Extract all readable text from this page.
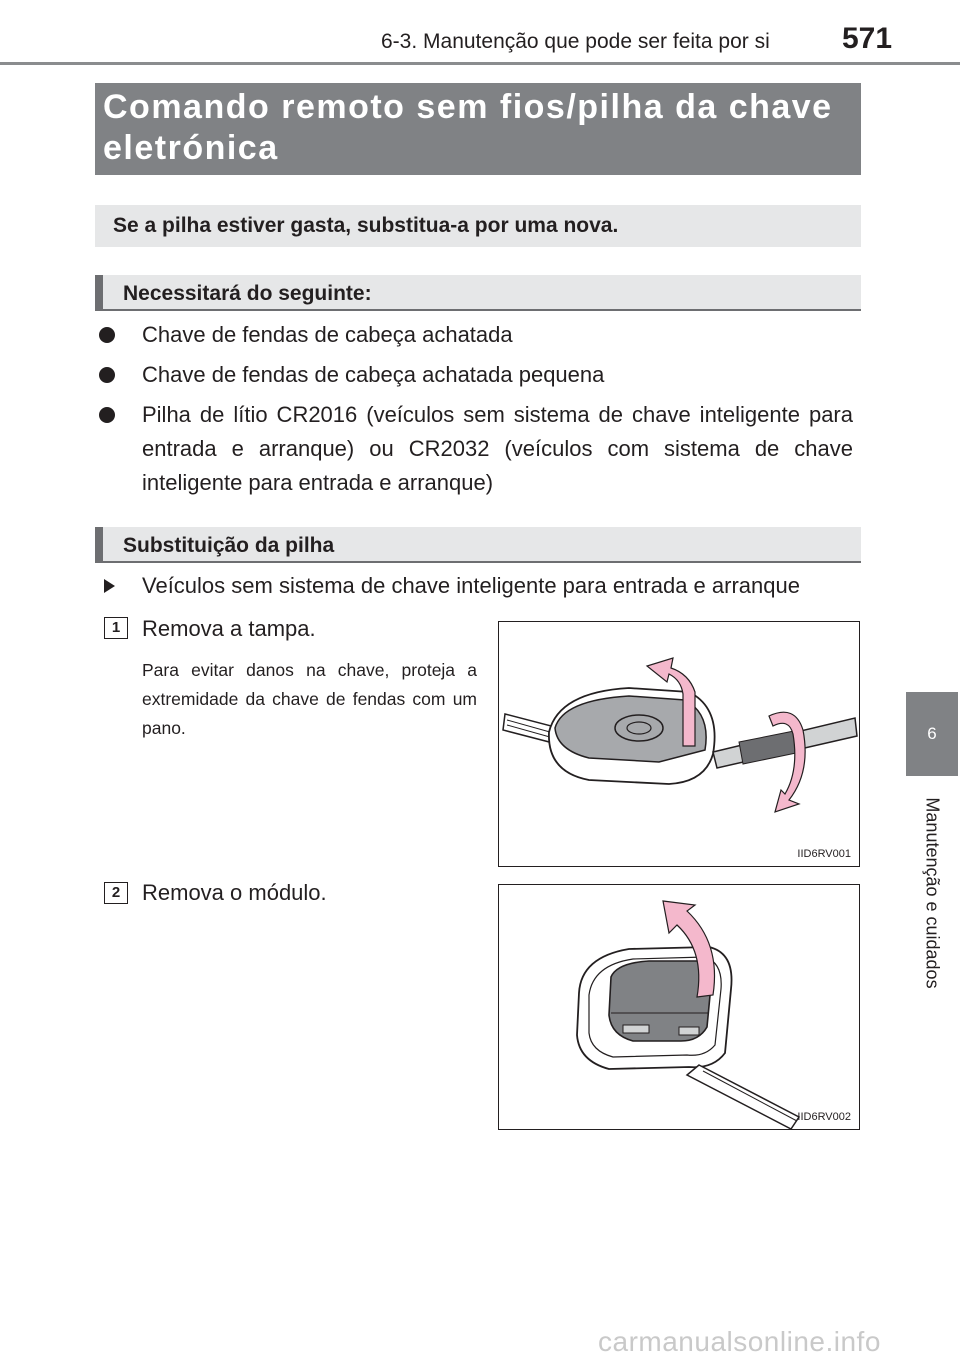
6-3. Manutenção que pode ser feita por si 571
Comando remoto sem fios/pilha da chave
eletrónica
Se a pilha estiver gasta, substitua-a por uma nova.
Necessitará do seguinte:
Chave de fendas de cabeça achatada
Chave de fendas de cabeça achatada pequena
Pilha de lítio CR2016 (veículos sem sistema de chave inteligente para entrada e arranque) ou CR2032 (veículos com sistema de chave inteligente para entrada e arranque)
Substituição da pilha
Veículos sem sistema de chave inteligente para entrada e arranque
1 Remova a tampa.
Para evitar danos na chave, proteja a extremidade da chave de fendas com um pano.
IID6RV001
2 Remova o módulo.
IID6RV002
6
Manutenção e cuidados
carmanualsonline.info
